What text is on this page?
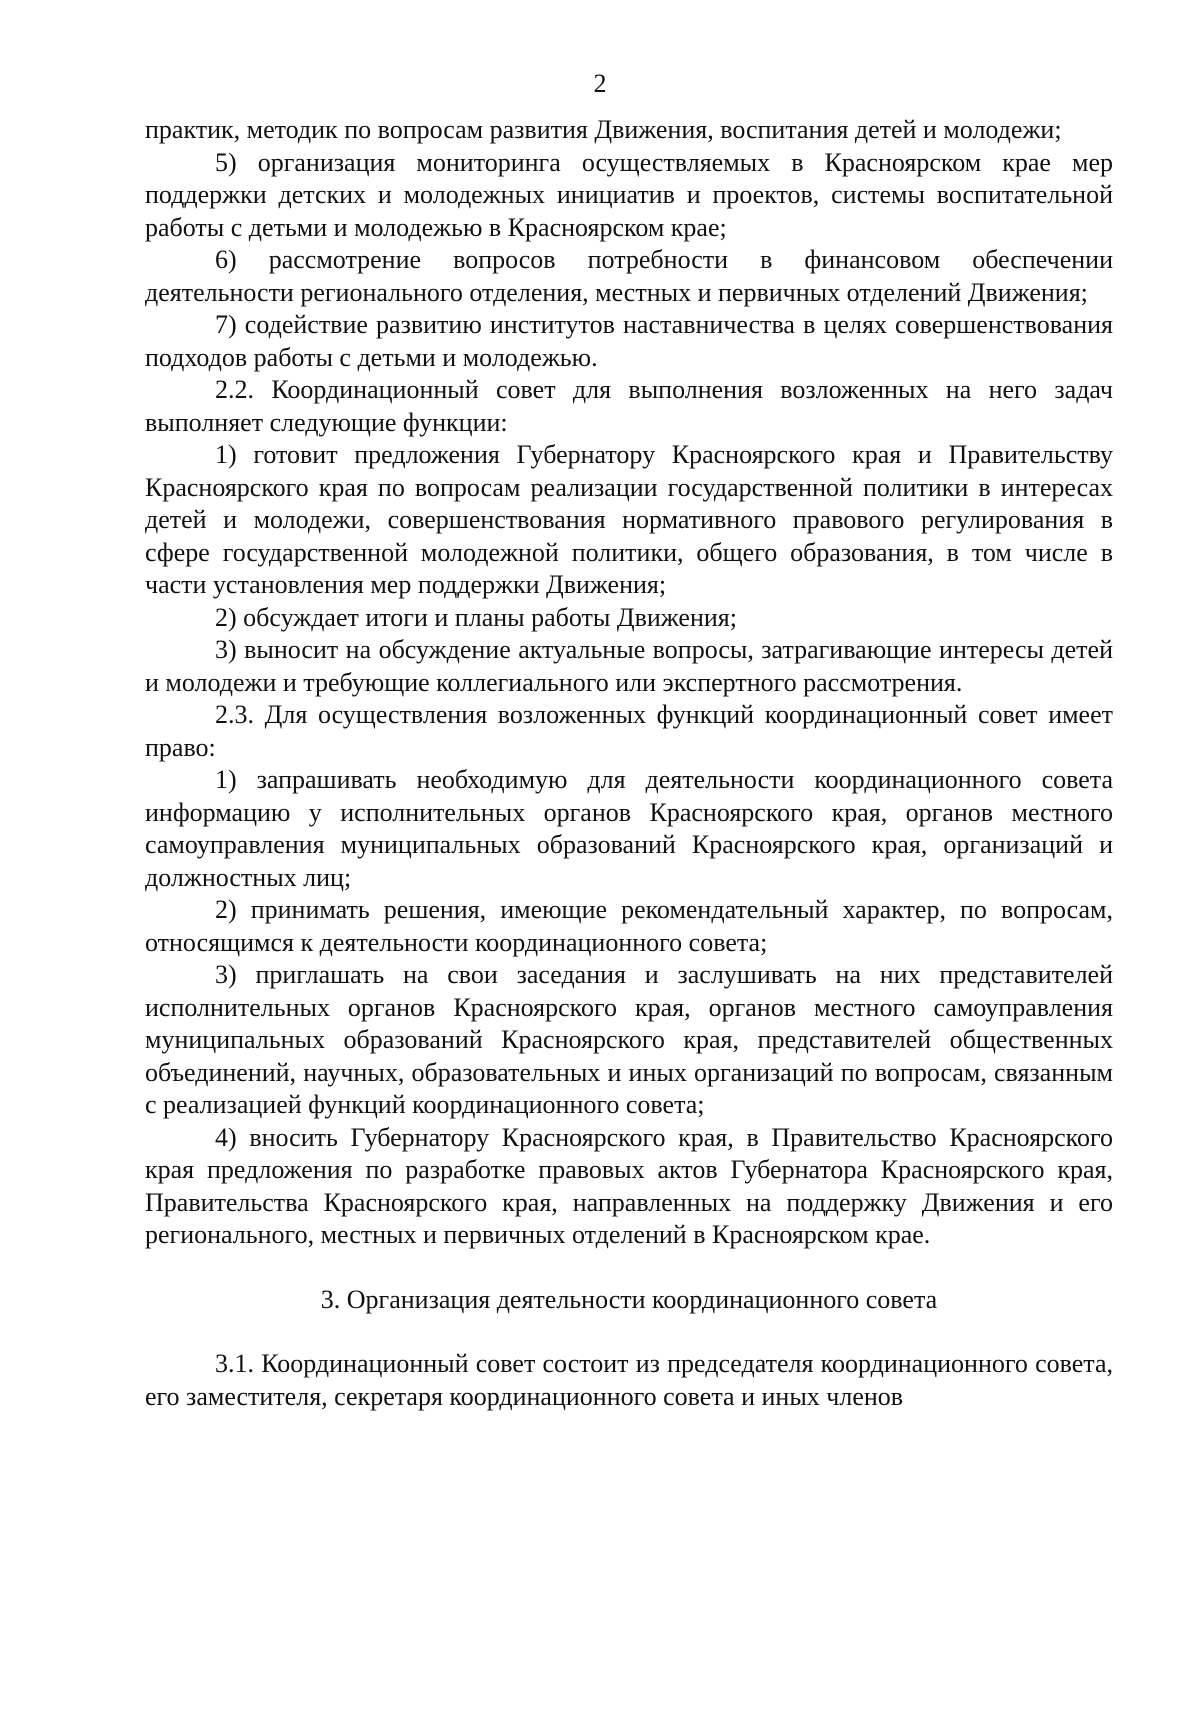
2

практик, методик по вопросам развития Движения, воспитания детей и молодежи;

5) организация мониторинга осуществляемых в Красноярском крае мер поддержки детских и молодежных инициатив и проектов, системы воспитательной работы с детьми и молодежью в Красноярском крае;

6) рассмотрение вопросов потребности в финансовом обеспечении деятельности регионального отделения, местных и первичных отделений Движения;

7) содействие развитию институтов наставничества в целях совершенствования подходов работы с детьми и молодежью.

2.2. Координационный совет для выполнения возложенных на него задач выполняет следующие функции:

1) готовит предложения Губернатору Красноярского края и Правительству Красноярского края по вопросам реализации государственной политики в интересах детей и молодежи, совершенствования нормативного правового регулирования в сфере государственной молодежной политики, общего образования, в том числе в части установления мер поддержки Движения;

2) обсуждает итоги и планы работы Движения;

3) выносит на обсуждение актуальные вопросы, затрагивающие интересы детей и молодежи и требующие коллегиального или экспертного рассмотрения.

2.3. Для осуществления возложенных функций координационный совет имеет право:

1) запрашивать необходимую для деятельности координационного совета информацию у исполнительных органов Красноярского края, органов местного самоуправления муниципальных образований Красноярского края, организаций и должностных лиц;

2) принимать решения, имеющие рекомендательный характер, по вопросам, относящимся к деятельности координационного совета;

3) приглашать на свои заседания и заслушивать на них представителей исполнительных органов Красноярского края, органов местного самоуправления муниципальных образований Красноярского края, представителей общественных объединений, научных, образовательных и иных организаций по вопросам, связанным с реализацией функций координационного совета;

4) вносить Губернатору Красноярского края, в Правительство Красноярского края предложения по разработке правовых актов Губернатора Красноярского края, Правительства Красноярского края, направленных на поддержку Движения и его регионального, местных и первичных отделений в Красноярском крае.

3. Организация деятельности координационного совета

3.1. Координационный совет состоит из председателя координационного совета, его заместителя, секретаря координационного совета и иных членов
